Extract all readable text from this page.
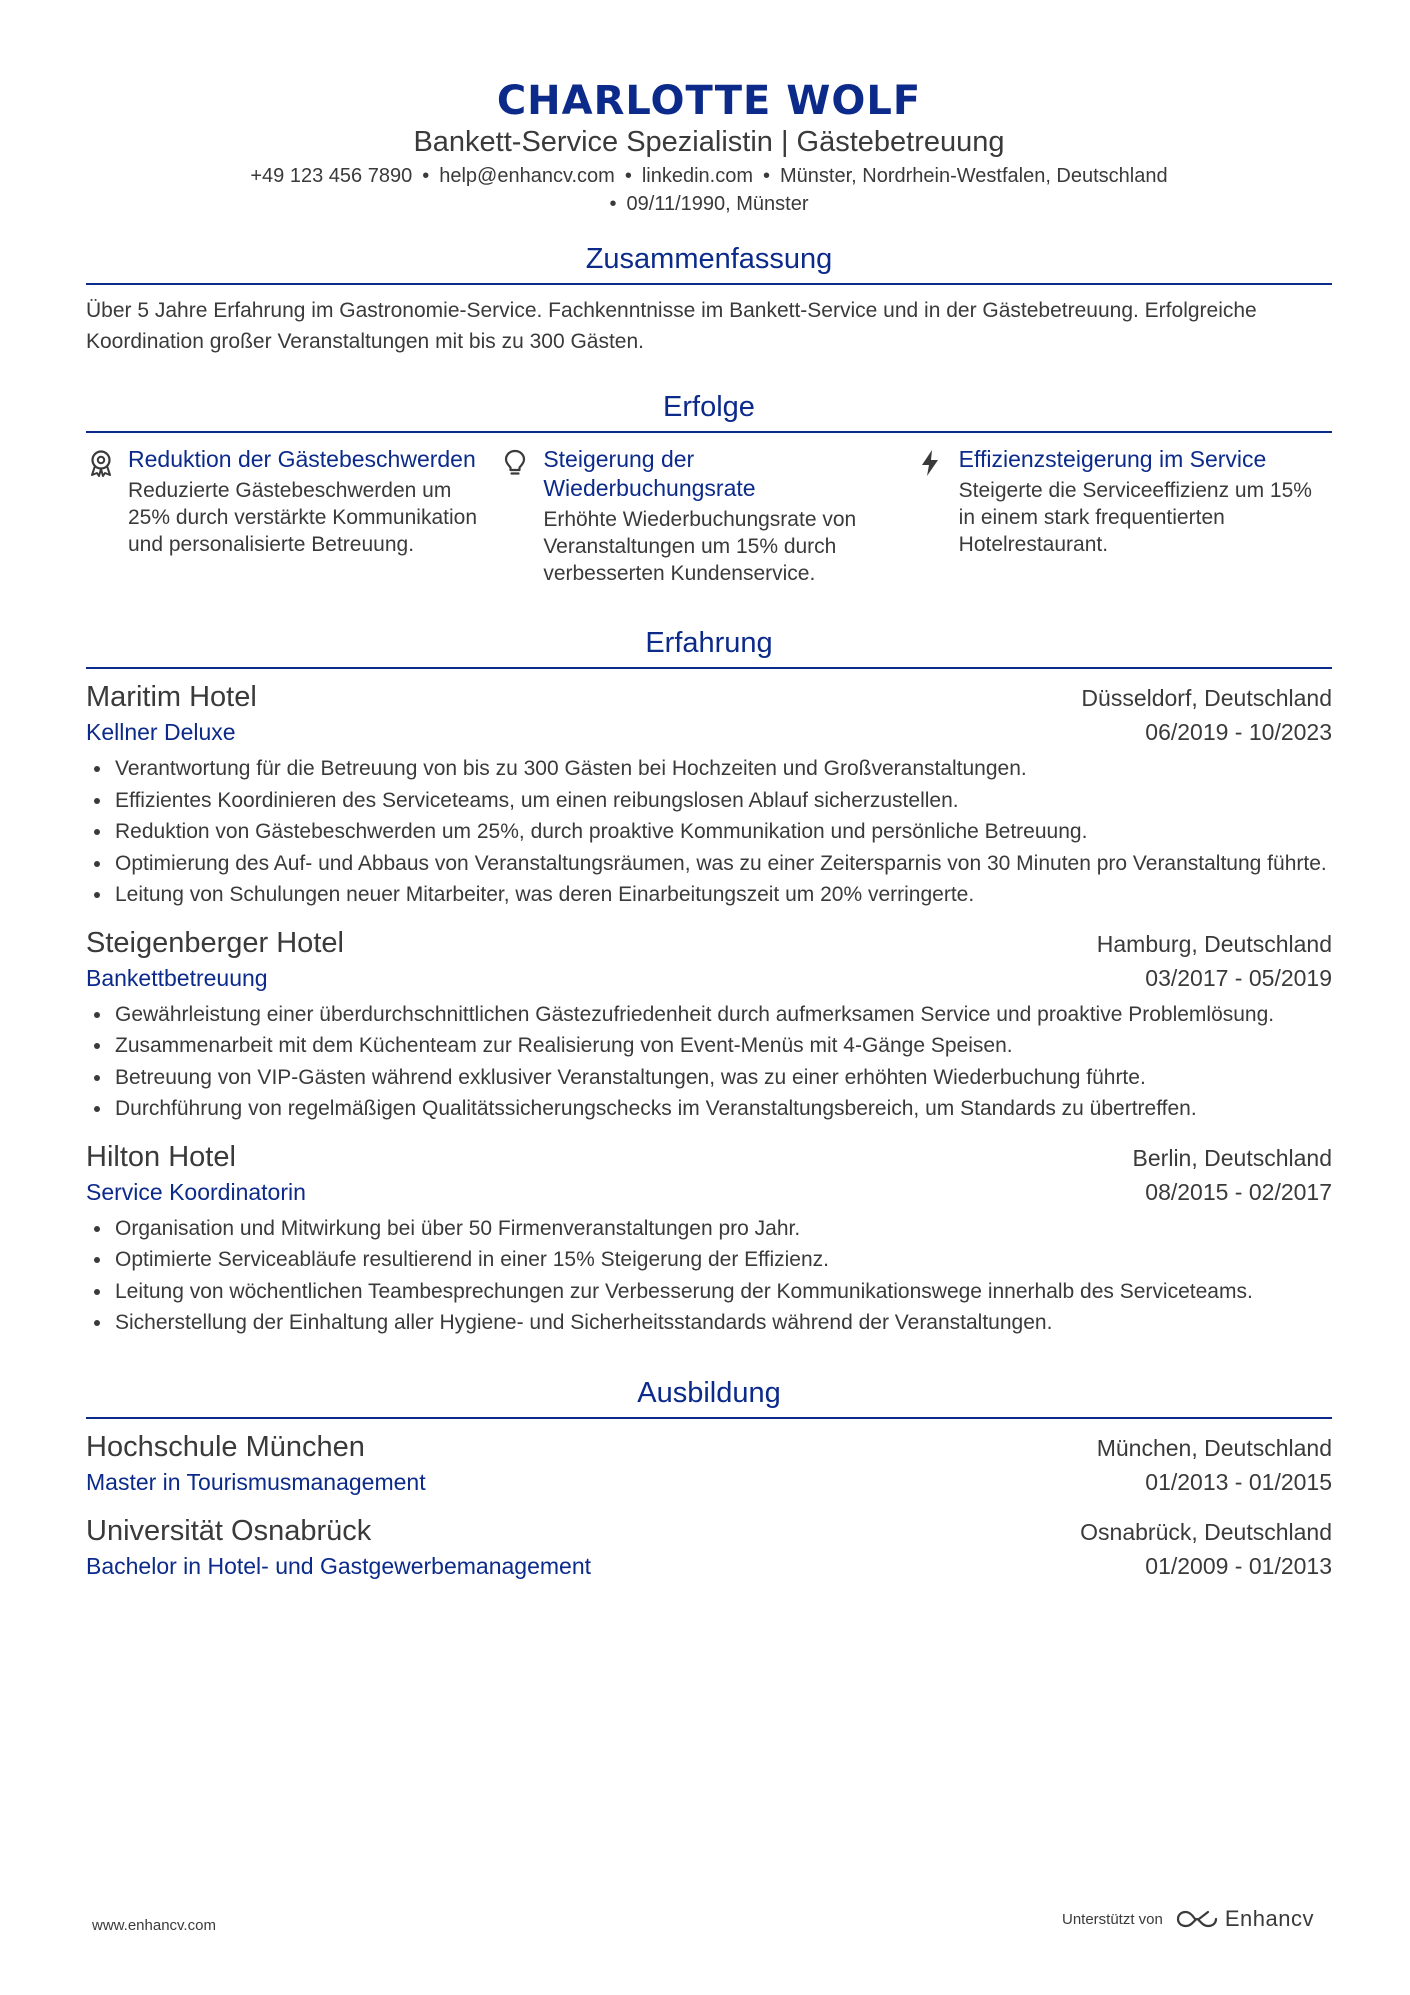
CHARLOTTE WOLF
Bankett-Service Spezialistin | Gästebetreuung
+49 123 456 7890 • help@enhancv.com • linkedin.com • Münster, Nordrhein-Westfalen, Deutschland
• 09/11/1990, Münster
Zusammenfassung
Über 5 Jahre Erfahrung im Gastronomie-Service. Fachkenntnisse im Bankett-Service und in der Gästebetreuung. Erfolgreiche Koordination großer Veranstaltungen mit bis zu 300 Gästen.
Erfolge
Reduktion der Gästebeschwerden
Reduzierte Gästebeschwerden um 25% durch verstärkte Kommunikation und personalisierte Betreuung.
Steigerung der Wiederbuchungsrate
Erhöhte Wiederbuchungsrate von Veranstaltungen um 15% durch verbesserten Kundenservice.
Effizienzsteigerung im Service
Steigerte die Serviceeffizienz um 15% in einem stark frequentierten Hotelrestaurant.
Erfahrung
Maritim Hotel	Düsseldorf, Deutschland
Kellner Deluxe	06/2019 - 10/2023
Verantwortung für die Betreuung von bis zu 300 Gästen bei Hochzeiten und Großveranstaltungen.
Effizientes Koordinieren des Serviceteams, um einen reibungslosen Ablauf sicherzustellen.
Reduktion von Gästebeschwerden um 25%, durch proaktive Kommunikation und persönliche Betreuung.
Optimierung des Auf- und Abbaus von Veranstaltungsräumen, was zu einer Zeitersparnis von 30 Minuten pro Veranstaltung führte.
Leitung von Schulungen neuer Mitarbeiter, was deren Einarbeitungszeit um 20% verringerte.
Steigenberger Hotel	Hamburg, Deutschland
Bankettbetreuung	03/2017 - 05/2019
Gewährleistung einer überdurchschnittlichen Gästezufriedenheit durch aufmerksamen Service und proaktive Problemlösung.
Zusammenarbeit mit dem Küchenteam zur Realisierung von Event-Menüs mit 4-Gänge Speisen.
Betreuung von VIP-Gästen während exklusiver Veranstaltungen, was zu einer erhöhten Wiederbuchung führte.
Durchführung von regelmäßigen Qualitätssicherungschecks im Veranstaltungsbereich, um Standards zu übertreffen.
Hilton Hotel	Berlin, Deutschland
Service Koordinatorin	08/2015 - 02/2017
Organisation und Mitwirkung bei über 50 Firmenveranstaltungen pro Jahr.
Optimierte Serviceabläufe resultierend in einer 15% Steigerung der Effizienz.
Leitung von wöchentlichen Teambesprechungen zur Verbesserung der Kommunikationswege innerhalb des Serviceteams.
Sicherstellung der Einhaltung aller Hygiene- und Sicherheitsstandards während der Veranstaltungen.
Ausbildung
Hochschule München	München, Deutschland
Master in Tourismusmanagement	01/2013 - 01/2015
Universität Osnabrück	Osnabrück, Deutschland
Bachelor in Hotel- und Gastgewerbemanagement	01/2009 - 01/2013
www.enhancv.com	Unterstützt von	Enhancv
